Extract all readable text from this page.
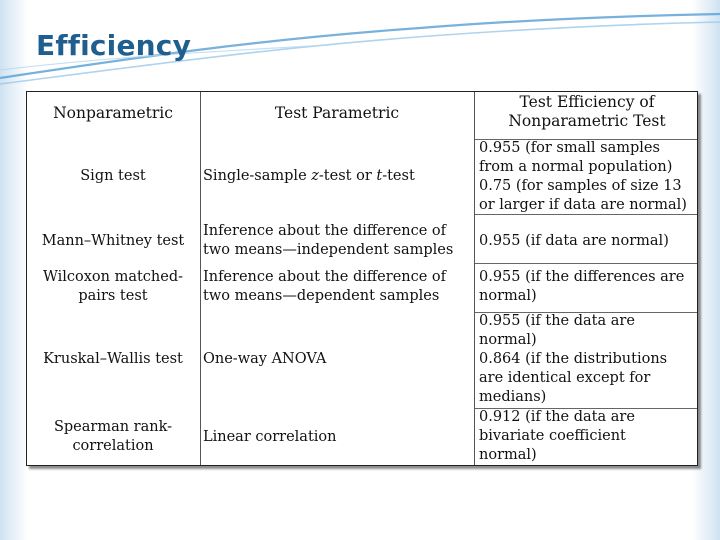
Efficiency
Nonparametric	Test Parametric
Test Efficiency of
Nonparametric Test
Sign test	Single-sample z-test or t-test
0.955 (for small samples
from a normal population)
0.75 (for samples of size 13
or larger if data are normal)
Mann–Whitney test
Inference about the difference of
two means—independent samples
0.955 (if data are normal)
Wilcoxon matched-
pairs test
Inference about the difference of
two means—dependent samples
0.955 (if the differences are
normal)
Kruskal–Wallis test One-way ANOVA
0.955 (if the data are
normal)
0.864 (if the distributions
are identical except for
medians)
Spearman rank-
correlation
Linear correlation
0.912 (if the data are
bivariate coefficient
normal)
